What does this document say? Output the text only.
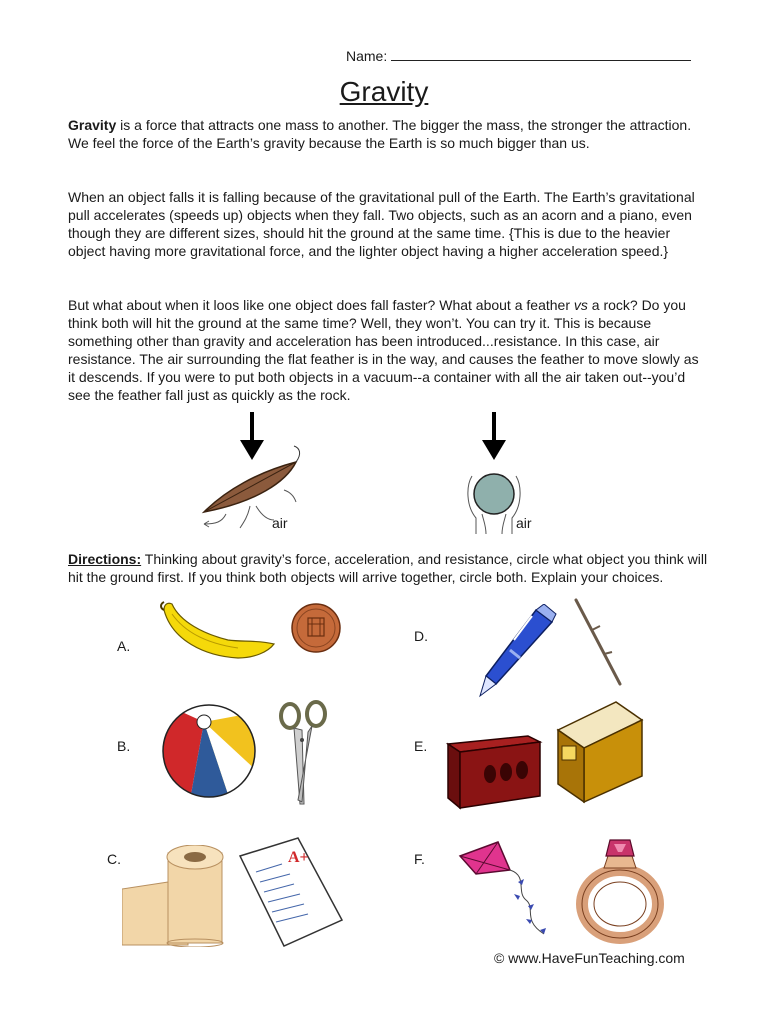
Name:
Gravity

Gravity is a force that attracts one mass to another. The bigger the mass, the stronger the attraction. We feel the force of the Earth’s gravity because the Earth is so much bigger than us.

When an object falls it is falling because of the gravitational pull of the Earth. The Earth’s gravitational pull accelerates (speeds up) objects when they fall. Two objects, such as an acorn and a piano, even though they are different sizes, should hit the ground at the same time. {This is due to the heavier object having more gravitational force, and the lighter object having a higher acceleration speed.}

But what about when it loos like one object does fall faster? What about a feather vs a rock? Do you think both will hit the ground at the same time? Well, they won’t. You can try it. This is because something other than gravity and acceleration has been introduced...resistance. In this case, air resistance. The air surrounding the flat feather is in the way, and causes the feather to move slowly as it descends. If you were to put both objects in a vacuum--a container with all the air taken out--you’d see the feather fall just as quickly as the rock.

air	air

Directions: Thinking about gravity’s force, acceleration, and resistance, circle what object you think will hit the ground first. If you think both objects will arrive together, circle both. Explain your choices.

A.
B.
C.	A+
D.
E.
F.
© www.HaveFunTeaching.com
